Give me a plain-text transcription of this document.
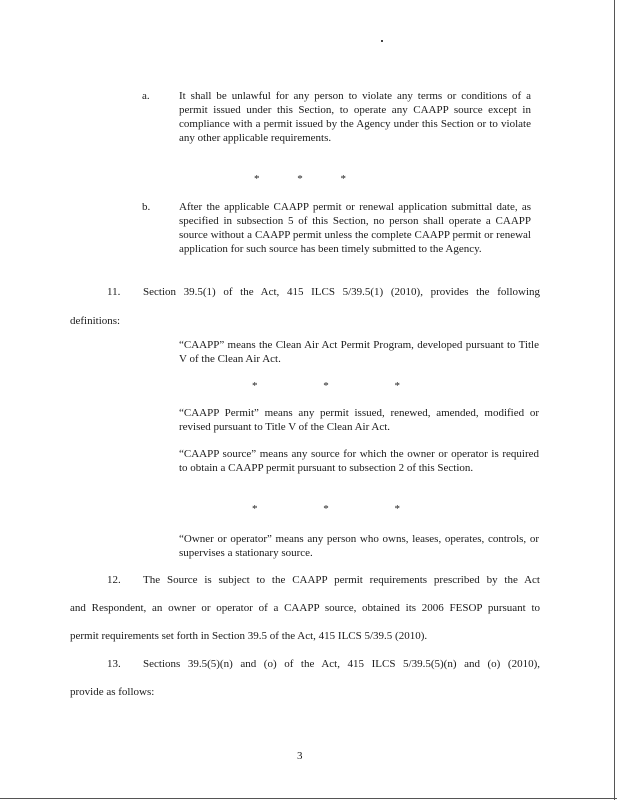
a.	It shall be unlawful for any person to violate any terms or conditions of a permit issued under this Section, to operate any CAAPP source except in compliance with a permit issued by the Agency under this Section or to violate any other applicable requirements.
*	*	*
b.	After the applicable CAAPP permit or renewal application submittal date, as specified in subsection 5 of this Section, no person shall operate a CAAPP source without a CAAPP permit unless the complete CAAPP permit or renewal application for such source has been timely submitted to the Agency.
11. Section 39.5(1) of the Act, 415 ILCS 5/39.5(1) (2010), provides the following
definitions:
“CAAPP” means the Clean Air Act Permit Program, developed pursuant to Title V of the Clean Air Act.
*	*	*
“CAAPP Permit” means any permit issued, renewed, amended, modified or revised pursuant to Title V of the Clean Air Act.
“CAAPP source” means any source for which the owner or operator is required to obtain a CAAPP permit pursuant to subsection 2 of this Section.
*	*	*
“Owner or operator” means any person who owns, leases, operates, controls, or supervises a stationary source.
12. The Source is subject to the CAAPP permit requirements prescribed by the Act
and Respondent, an owner or operator of a CAAPP source, obtained its 2006 FESOP pursuant to
permit requirements set forth in Section 39.5 of the Act, 415 ILCS 5/39.5 (2010).
13. Sections 39.5(5)(n) and (o) of the Act, 415 ILCS 5/39.5(5)(n) and (o) (2010),
provide as follows:
3
